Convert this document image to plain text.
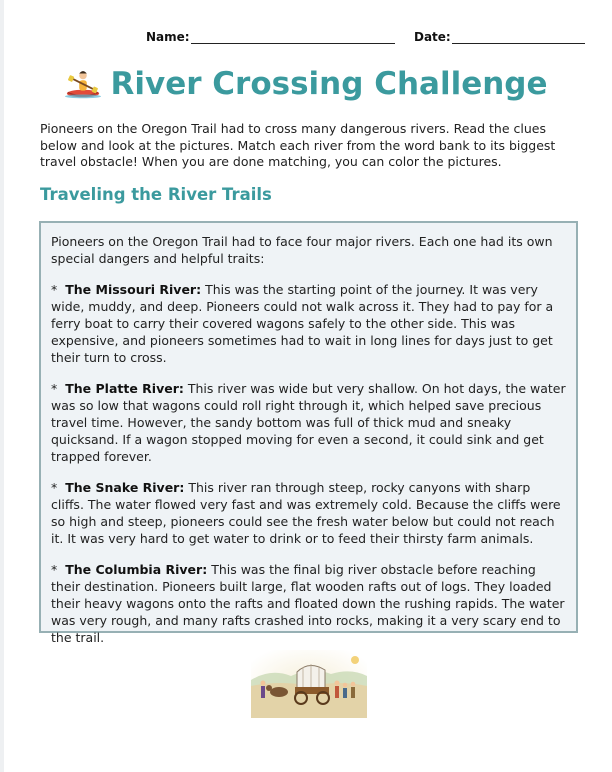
Name:	Date:
River Crossing Challenge

Pioneers on the Oregon Trail had to cross many dangerous rivers. Read the clues below and look at the pictures. Match each river from the word bank to its biggest travel obstacle! When you are done matching, you can color the pictures.

Traveling the River Trails

Pioneers on the Oregon Trail had to face four major rivers. Each one had its own special dangers and helpful traits:

* The Missouri River: This was the starting point of the journey. It was very wide, muddy, and deep. Pioneers could not walk across it. They had to pay for a ferry boat to carry their covered wagons safely to the other side. This was expensive, and pioneers sometimes had to wait in long lines for days just to get their turn to cross.

* The Platte River: This river was wide but very shallow. On hot days, the water was so low that wagons could roll right through it, which helped save precious travel time. However, the sandy bottom was full of thick mud and sneaky quicksand. If a wagon stopped moving for even a second, it could sink and get trapped forever.

* The Snake River: This river ran through steep, rocky canyons with sharp cliffs. The water flowed very fast and was extremely cold. Because the cliffs were so high and steep, pioneers could see the fresh water below but could not reach it. It was very hard to get water to drink or to feed their thirsty farm animals.

* The Columbia River: This was the final big river obstacle before reaching their destination. Pioneers built large, flat wooden rafts out of logs. They loaded their heavy wagons onto the rafts and floated down the rushing rapids. The water was very rough, and many rafts crashed into rocks, making it a very scary end to the trail.
